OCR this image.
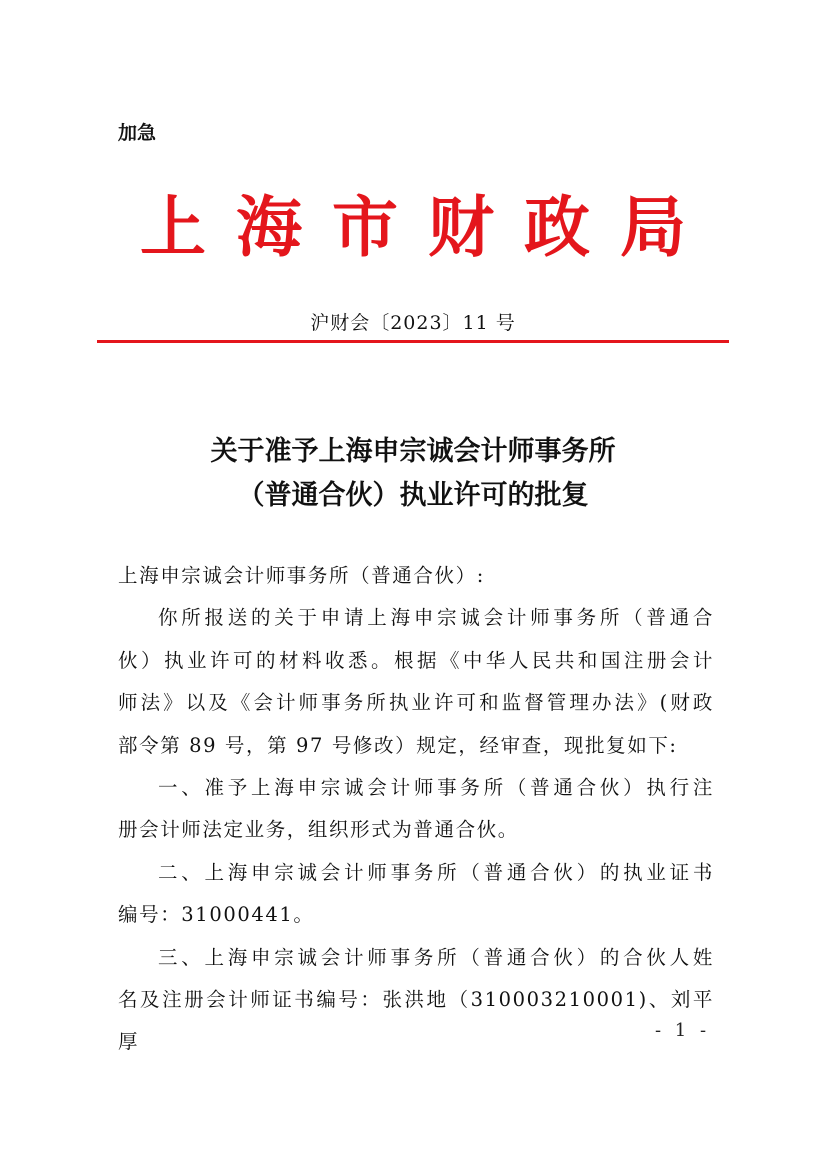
加急
上海市财政局
沪财会〔2023〕11 号
关于准予上海申宗诚会计师事务所
（普通合伙）执业许可的批复

上海申宗诚会计师事务所（普通合伙）:

你所报送的关于申请上海申宗诚会计师事务所（普通合

伙）执业许可的材料收悉。根据《中华人民共和国注册会计

师法》以及《会计师事务所执业许可和监督管理办法》(财政

部令第 89 号，第 97 号修改）规定，经审查，现批复如下:

一、准予上海申宗诚会计师事务所（普通合伙）执行注

册会计师法定业务，组织形式为普通合伙。

二、上海申宗诚会计师事务所（普通合伙）的执业证书

编号：31000441。

三、上海申宗诚会计师事务所（普通合伙）的合伙人姓

名及注册会计师证书编号：张洪地（310003210001)、刘平厚	- 1 -
